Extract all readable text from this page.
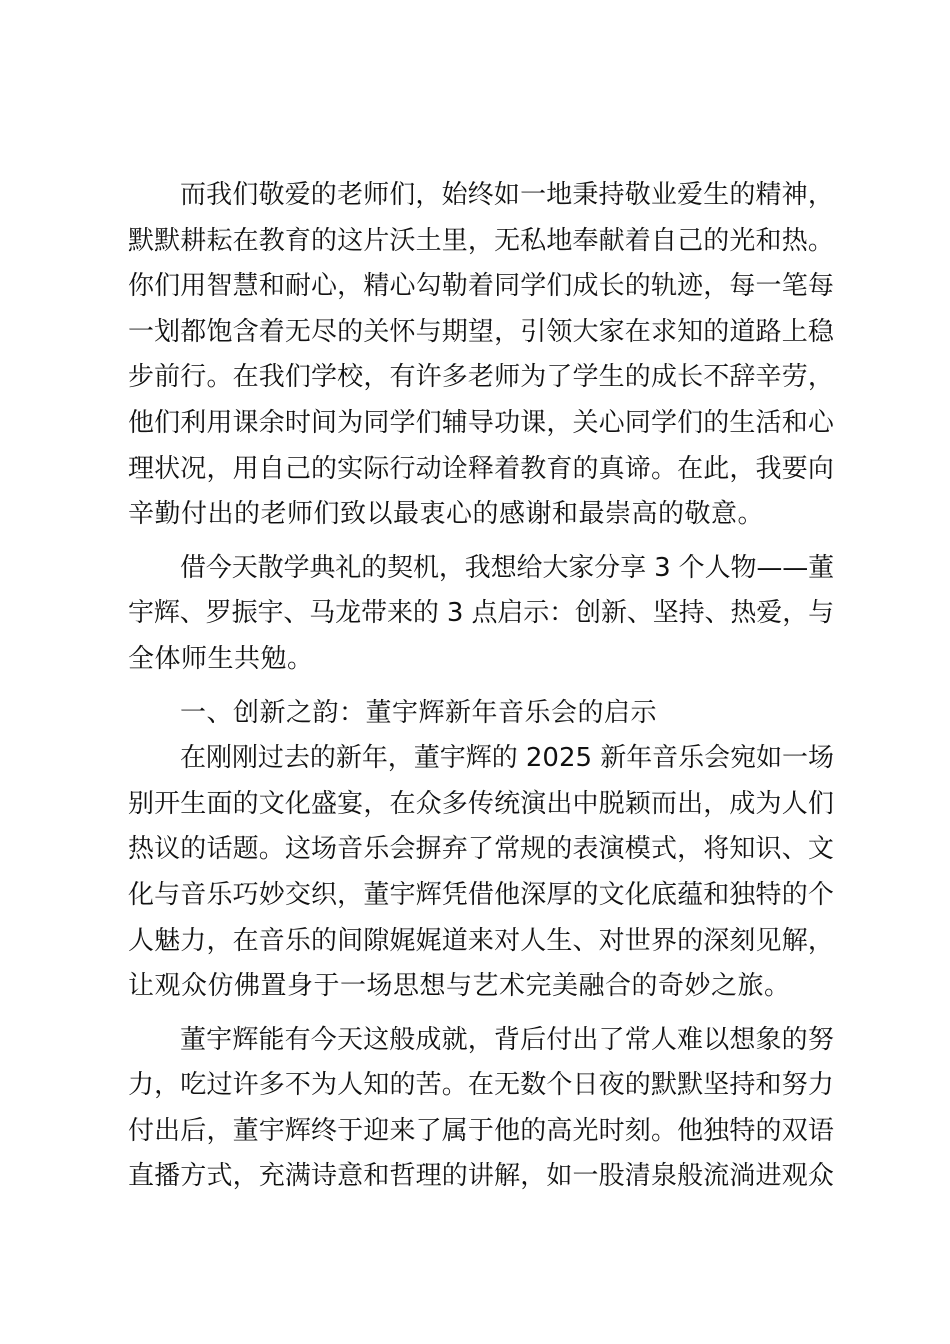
而我们敬爱的老师们，始终如一地秉持敬业爱生的精神，
默默耕耘在教育的这片沃土里，无私地奉献着自己的光和热。
你们用智慧和耐心，精心勾勒着同学们成长的轨迹，每一笔每
一划都饱含着无尽的关怀与期望，引领大家在求知的道路上稳
步前行。在我们学校，有许多老师为了学生的成长不辞辛劳，
他们利用课余时间为同学们辅导功课，关心同学们的生活和心
理状况，用自己的实际行动诠释着教育的真谛。在此，我要向
辛勤付出的老师们致以最衷心的感谢和最崇高的敬意。
借今天散学典礼的契机，我想给大家分享 3 个人物——董
宇辉、罗振宇、马龙带来的 3 点启示：创新、坚持、热爱，与
全体师生共勉。
一、创新之韵：董宇辉新年音乐会的启示
在刚刚过去的新年，董宇辉的 2025 新年音乐会宛如一场
别开生面的文化盛宴，在众多传统演出中脱颖而出，成为人们
热议的话题。这场音乐会摒弃了常规的表演模式，将知识、文
化与音乐巧妙交织，董宇辉凭借他深厚的文化底蕴和独特的个
人魅力，在音乐的间隙娓娓道来对人生、对世界的深刻见解，
让观众仿佛置身于一场思想与艺术完美融合的奇妙之旅。
董宇辉能有今天这般成就，背后付出了常人难以想象的努
力，吃过许多不为人知的苦。在无数个日夜的默默坚持和努力
付出后，董宇辉终于迎来了属于他的高光时刻。他独特的双语
直播方式，充满诗意和哲理的讲解，如一股清泉般流淌进观众
